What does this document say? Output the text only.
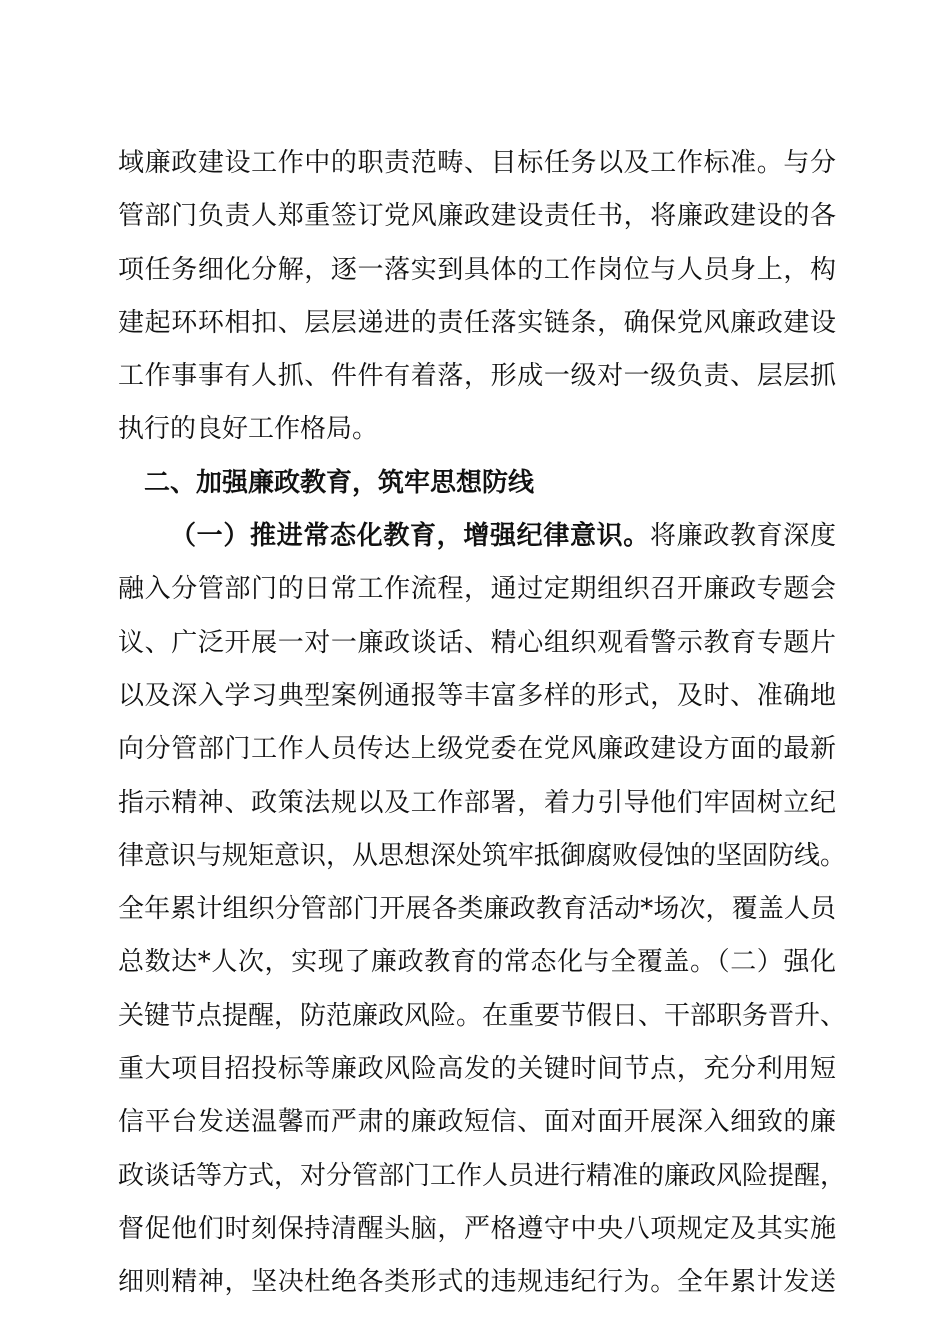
域廉政建设工作中的职责范畴、目标任务以及工作标准。与分
管部门负责人郑重签订党风廉政建设责任书，将廉政建设的各
项任务细化分解，逐一落实到具体的工作岗位与人员身上，构
建起环环相扣、层层递进的责任落实链条，确保党风廉政建设
工作事事有人抓、件件有着落，形成一级对一级负责、层层抓
执行的良好工作格局。
二、加强廉政教育，筑牢思想防线
（一）推进常态化教育，增强纪律意识。将廉政教育深度
融入分管部门的日常工作流程，通过定期组织召开廉政专题会
议、广泛开展一对一廉政谈话、精心组织观看警示教育专题片
以及深入学习典型案例通报等丰富多样的形式，及时、准确地
向分管部门工作人员传达上级党委在党风廉政建设方面的最新
指示精神、政策法规以及工作部署，着力引导他们牢固树立纪
律意识与规矩意识，从思想深处筑牢抵御腐败侵蚀的坚固防线。
全年累计组织分管部门开展各类廉政教育活动*场次，覆盖人员
总数达*人次，实现了廉政教育的常态化与全覆盖。（二）强化
关键节点提醒，防范廉政风险。在重要节假日、干部职务晋升、
重大项目招投标等廉政风险高发的关键时间节点，充分利用短
信平台发送温馨而严肃的廉政短信、面对面开展深入细致的廉
政谈话等方式，对分管部门工作人员进行精准的廉政风险提醒，
督促他们时刻保持清醒头脑，严格遵守中央八项规定及其实施
细则精神，坚决杜绝各类形式的违规违纪行为。全年累计发送
